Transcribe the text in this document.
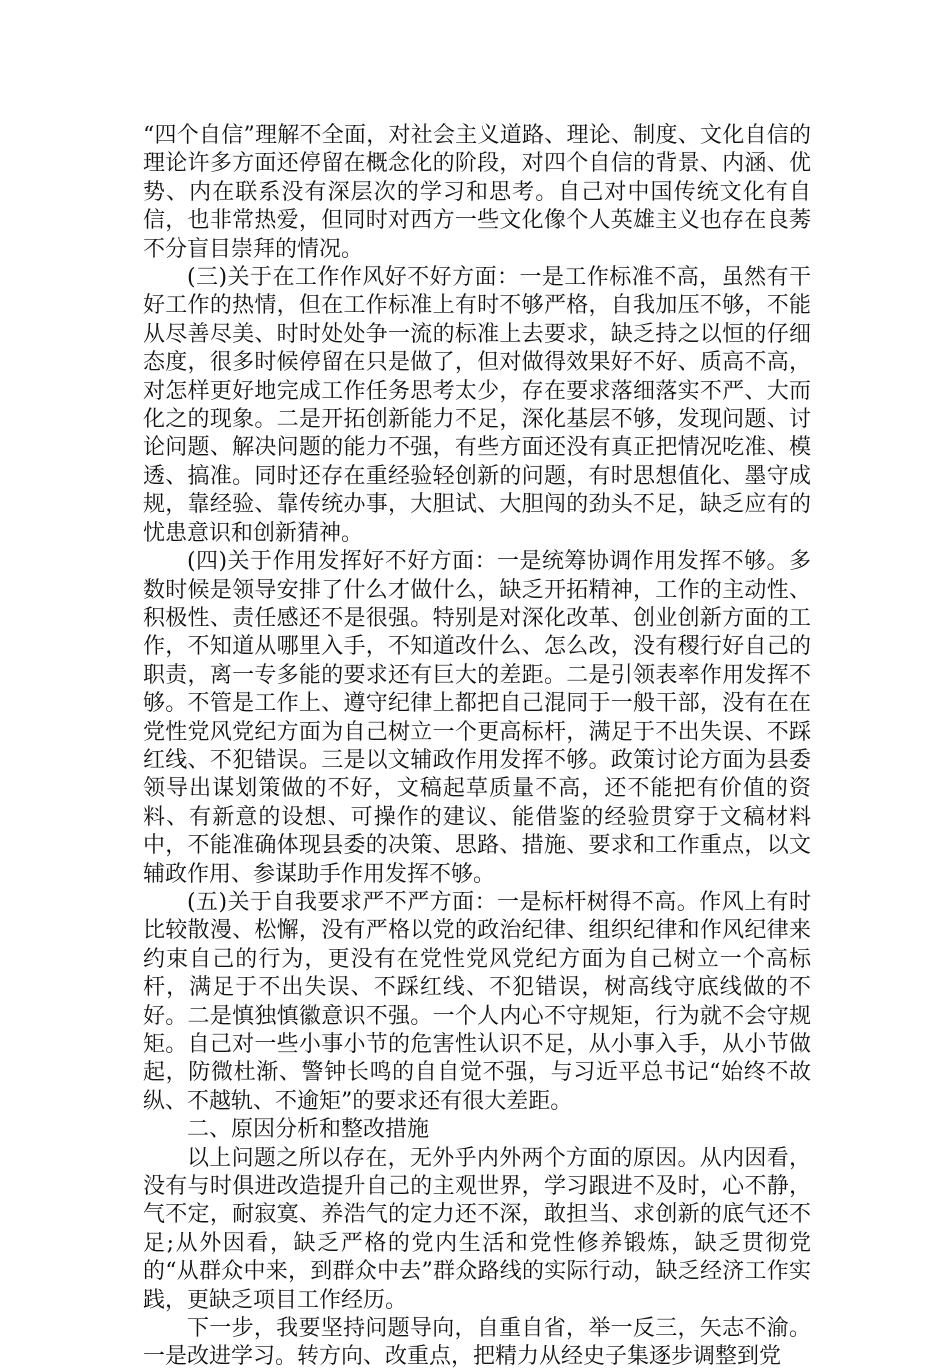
“四个自信”理解不全面，对社会主义道路、理论、制度、文化自信的理论许多方面还停留在概念化的阶段，对四个自信的背景、内涵、优势、内在联系没有深层次的学习和思考。自己对中国传统文化有自信，也非常热爱，但同时对西方一些文化像个人英雄主义也存在良莠不分盲目崇拜的情况。

(三)关于在工作作风好不好方面：一是工作标准不高，虽然有干好工作的热情，但在工作标准上有时不够严格，自我加压不够，不能从尽善尽美、时时处处争一流的标准上去要求，缺乏持之以恒的仔细态度，很多时候停留在只是做了，但对做得效果好不好、质高不高，对怎样更好地完成工作任务思考太少，存在要求落细落实不严、大而化之的现象。二是开拓创新能力不足，深化基层不够，发现问题、讨论问题、解决问题的能力不强，有些方面还没有真正把情况吃准、模透、搞准。同时还存在重经验轻创新的问题，有时思想值化、墨守成规，靠经验、靠传统办事，大胆试、大胆闯的劲头不足，缺乏应有的忧患意识和创新猜神。

(四)关于作用发挥好不好方面：一是统筹协调作用发挥不够。多数时候是领导安排了什么才做什么，缺乏开拓精神，工作的主动性、积极性、责任感还不是很强。特别是对深化改革、创业创新方面的工作，不知道从哪里入手，不知道改什么、怎么改，没有稷行好自己的职责，离一专多能的要求还有巨大的差距。二是引领表率作用发挥不够。不管是工作上、遵守纪律上都把自己混同于一般干部，没有在在党性党风党纪方面为自己树立一个更高标杆，满足于不出失误、不踩红线、不犯错误。三是以文辅政作用发挥不够。政策讨论方面为县委领导出谋划策做的不好，文稿起草质量不高，还不能把有价值的资料、有新意的设想、可操作的建议、能借鉴的经验贯穿于文稿材料中，不能准确体现县委的决策、思路、措施、要求和工作重点，以文辅政作用、参谋助手作用发挥不够。

(五)关于自我要求严不严方面：一是标杆树得不高。作风上有时比较散漫、松懈，没有严格以党的政治纪律、组织纪律和作风纪律来约束自己的行为，更没有在党性党风党纪方面为自己树立一个高标杆，满足于不出失误、不踩红线、不犯错误，树高线守底线做的不好。二是慎独慎徽意识不强。一个人内心不守规矩，行为就不会守规矩。自己对一些小事小节的危害性认识不足，从小事入手，从小节做起，防微杜渐、警钟长鸣的自自觉不强，与习近平总书记“始终不故纵、不越轨、不逾矩”的要求还有很大差距。

二、原因分析和整改措施

以上问题之所以存在，无外乎内外两个方面的原因。从内因看，没有与时俱进改造提升自己的主观世界，学习跟进不及时，心不静，气不定，耐寂寞、养浩气的定力还不深，敢担当、求创新的底气还不足;从外因看，缺乏严格的党内生活和党性修养锻炼，缺乏贯彻党的“从群众中来，到群众中去”群众路线的实际行动，缺乏经济工作实践，更缺乏项目工作经历。

下一步，我要坚持问题导向，自重自省，举一反三，矢志不渝。一是改进学习。转方向、改重点，把精力从经史子集逐步调整到党
